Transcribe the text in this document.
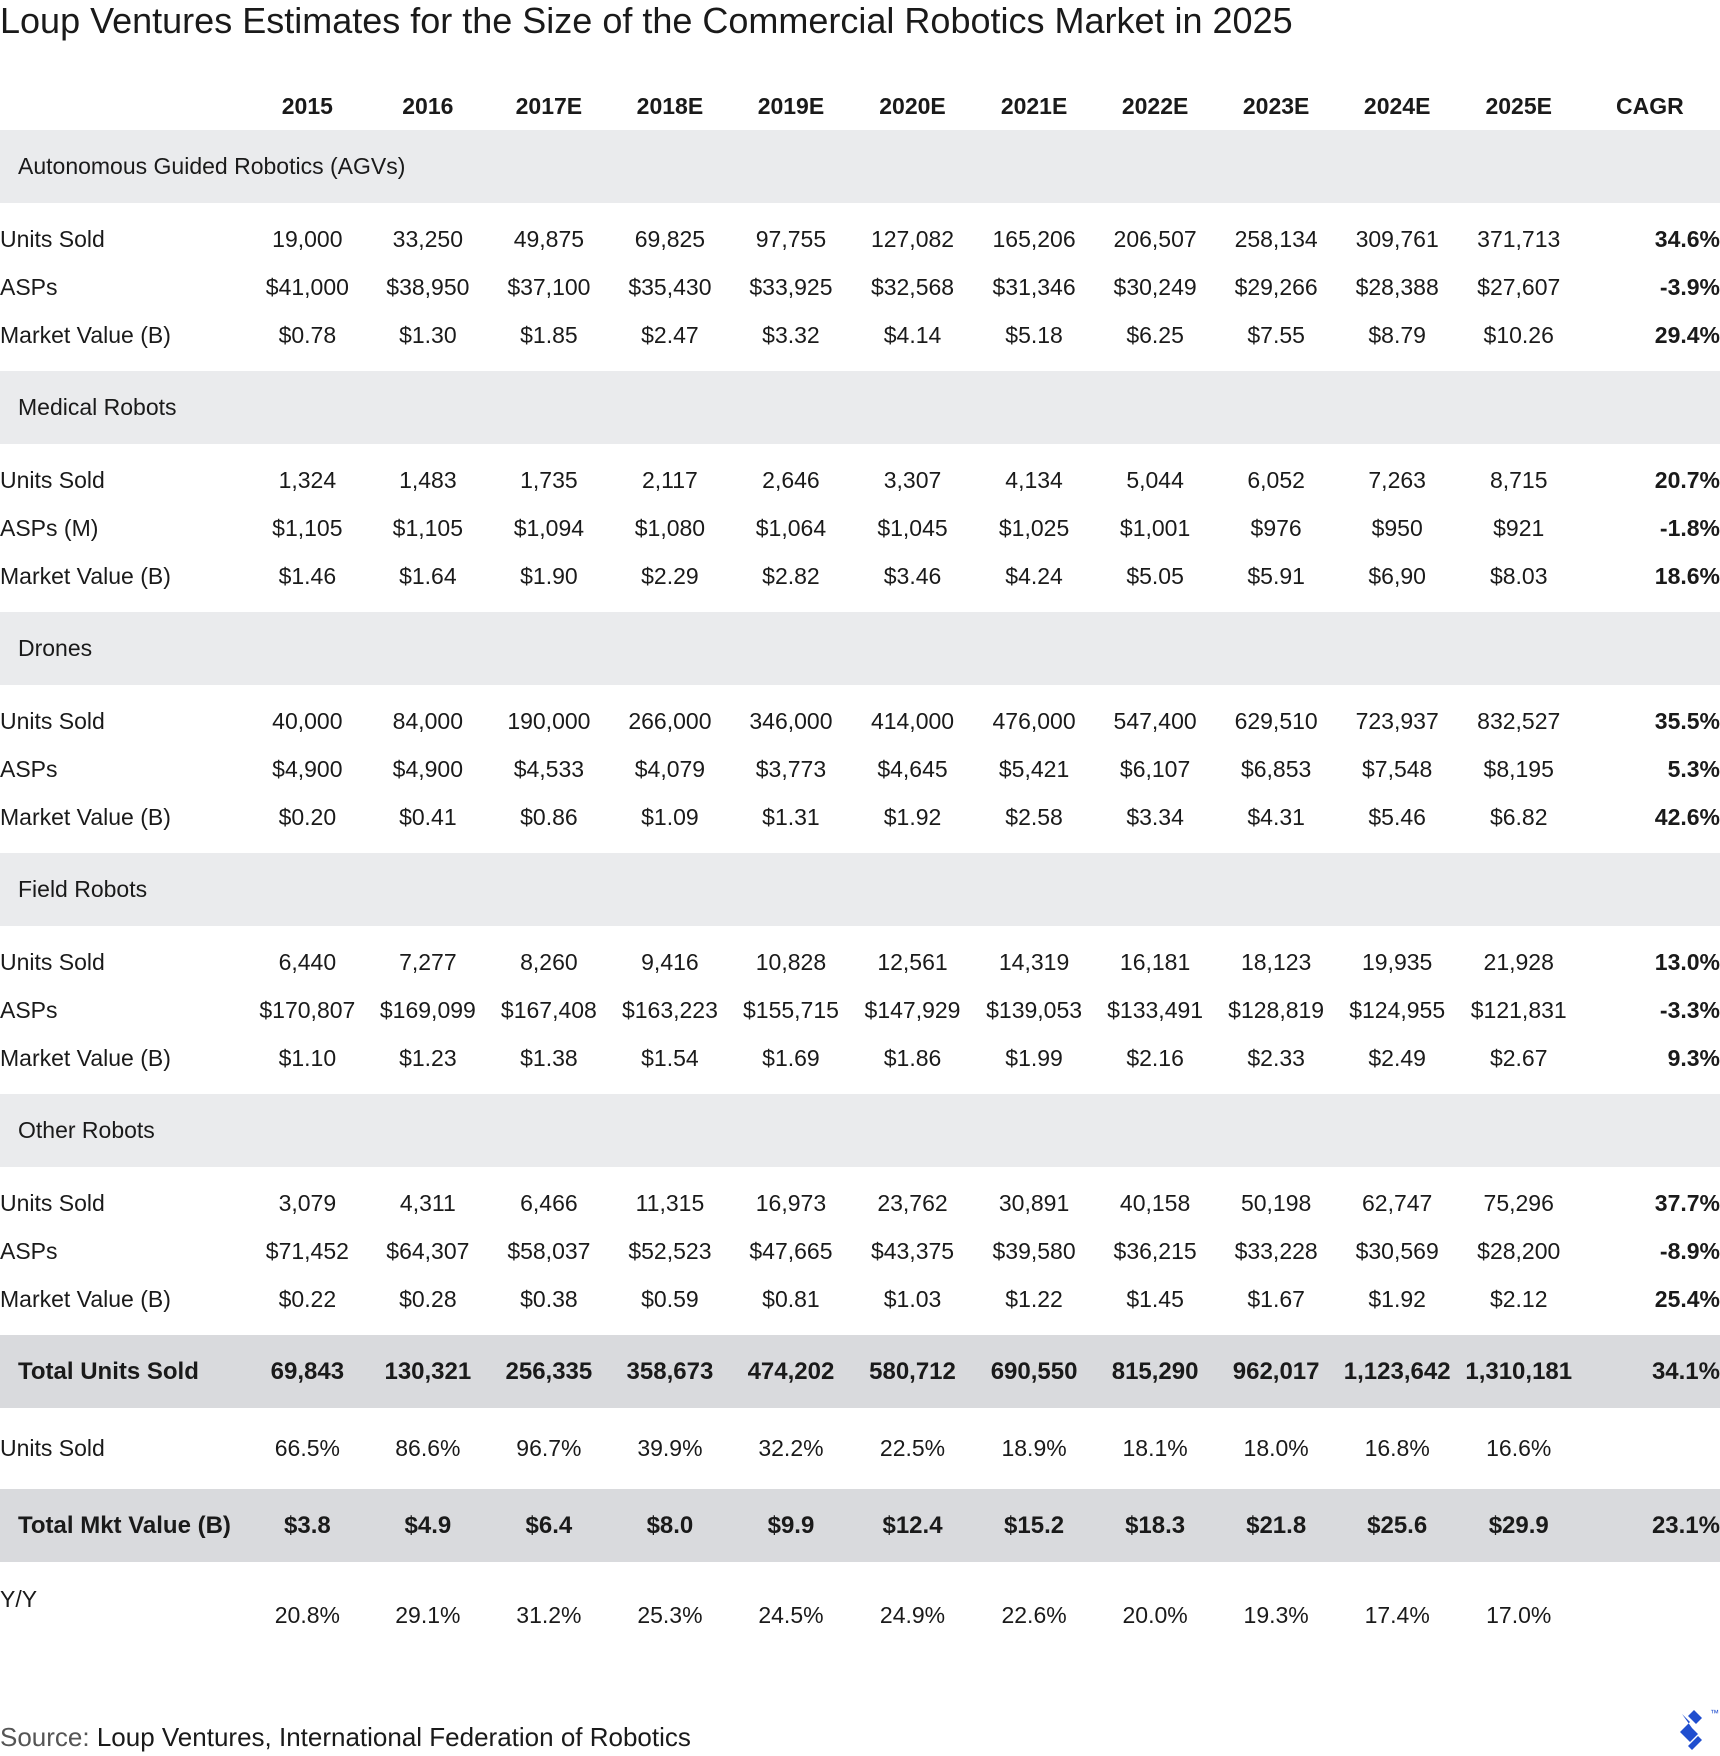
Loup Ventures Estimates for the Size of the Commercial Robotics Market in 2025
	2015	2016	2017E	2018E	2019E	2020E	2021E	2022E	2023E	2024E	2025E	CAGR
Autonomous Guided Robotics (AGVs)												

Units Sold	19,000	33,250	49,875	69,825	97,755	127,082	165,206	206,507	258,134	309,761	371,713	34.6%
ASPs	$41,000	$38,950	$37,100	$35,430	$33,925	$32,568	$31,346	$30,249	$29,266	$28,388	$27,607	-3.9%
Market Value (B)	$0.78	$1.30	$1.85	$2.47	$3.32	$4.14	$5.18	$6.25	$7.55	$8.79	$10.26	29.4%

Medical Robots												

Units Sold	1,324	1,483	1,735	2,117	2,646	3,307	4,134	5,044	6,052	7,263	8,715	20.7%
ASPs (M)	$1,105	$1,105	$1,094	$1,080	$1,064	$1,045	$1,025	$1,001	$976	$950	$921	-1.8%
Market Value (B)	$1.46	$1.64	$1.90	$2.29	$2.82	$3.46	$4.24	$5.05	$5.91	$6,90	$8.03	18.6%

Drones												

Units Sold	40,000	84,000	190,000	266,000	346,000	414,000	476,000	547,400	629,510	723,937	832,527	35.5%
ASPs	$4,900	$4,900	$4,533	$4,079	$3,773	$4,645	$5,421	$6,107	$6,853	$7,548	$8,195	5.3%
Market Value (B)	$0.20	$0.41	$0.86	$1.09	$1.31	$1.92	$2.58	$3.34	$4.31	$5.46	$6.82	42.6%

Field Robots												

Units Sold	6,440	7,277	8,260	9,416	10,828	12,561	14,319	16,181	18,123	19,935	21,928	13.0%
ASPs	$170,807	$169,099	$167,408	$163,223	$155,715	$147,929	$139,053	$133,491	$128,819	$124,955	$121,831	-3.3%
Market Value (B)	$1.10	$1.23	$1.38	$1.54	$1.69	$1.86	$1.99	$2.16	$2.33	$2.49	$2.67	9.3%

Other Robots												

Units Sold	3,079	4,311	6,466	11,315	16,973	23,762	30,891	40,158	50,198	62,747	75,296	37.7%
ASPs	$71,452	$64,307	$58,037	$52,523	$47,665	$43,375	$39,580	$36,215	$33,228	$30,569	$28,200	-8.9%
Market Value (B)	$0.22	$0.28	$0.38	$0.59	$0.81	$1.03	$1.22	$1.45	$1.67	$1.92	$2.12	25.4%

Total Units Sold	69,843	130,321	256,335	358,673	474,202	580,712	690,550	815,290	962,017	1,123,642	1,310,181	34.1%
Units Sold	66.5%	86.6%	96.7%	39.9%	32.2%	22.5%	18.9%	18.1%	18.0%	16.8%	16.6%	
Total Mkt Value (B)	$3.8	$4.9	$6.4	$8.0	$9.9	$12.4	$15.2	$18.3	$21.8	$25.6	$29.9	23.1%
Y/Y	20.8%	29.1%	31.2%	25.3%	24.5%	24.9%	22.6%	20.0%	19.3%	17.4%	17.0%	
Source: Loup Ventures, International Federation of Robotics
™
